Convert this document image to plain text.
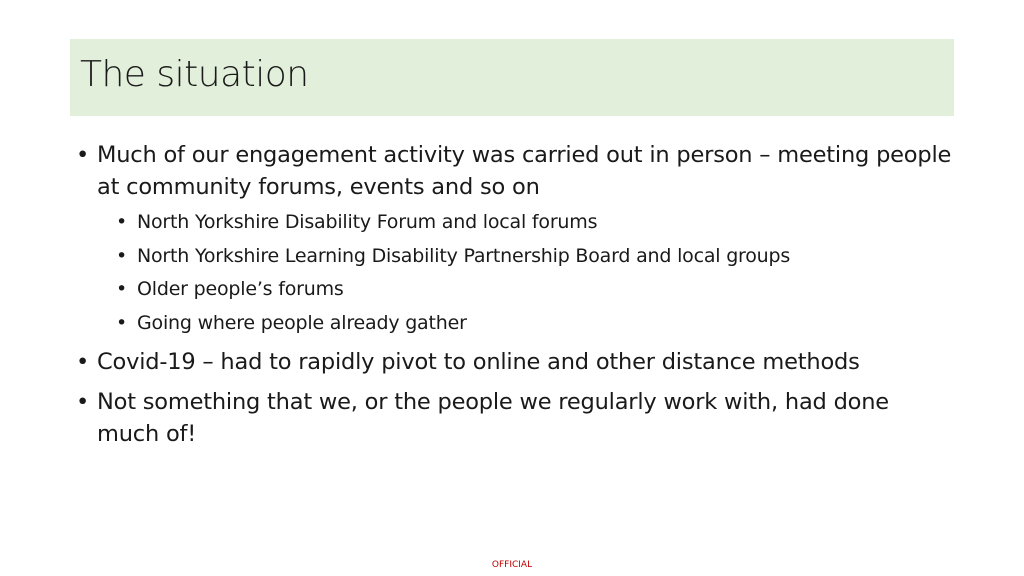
The situation
• Much of our engagement activity was carried out in person – meeting people at community forums, events and so on
• North Yorkshire Disability Forum and local forums
• North Yorkshire Learning Disability Partnership Board and local groups
• Older people’s forums
• Going where people already gather
• Covid-19 – had to rapidly pivot to online and other distance methods
• Not something that we, or the people we regularly work with, had done much of!
OFFICIAL
